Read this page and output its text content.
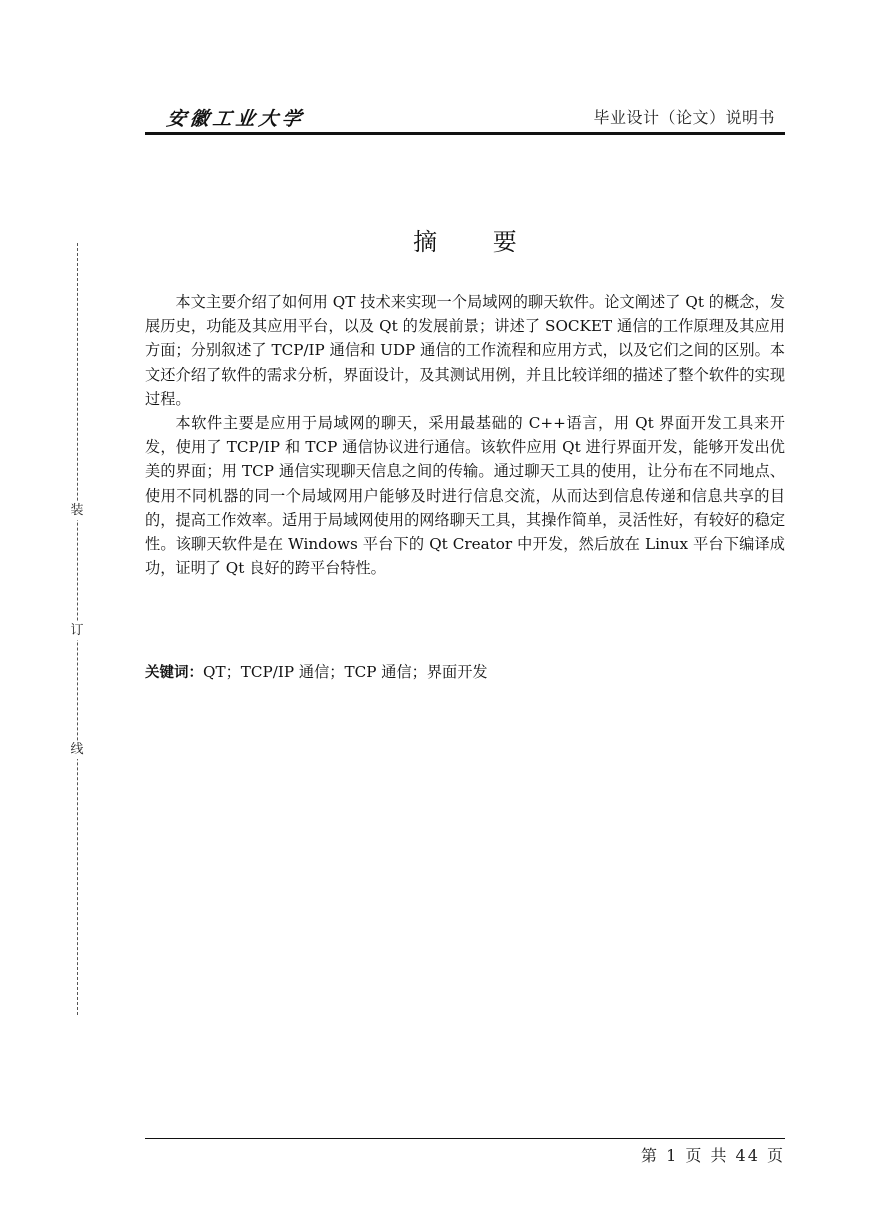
安徽工业大学	毕业设计（论文）说明书
装
订
线
摘 要

本文主要介绍了如何用 QT 技术来实现一个局域网的聊天软件。论文阐述了 Qt 的概念，发展历史，功能及其应用平台，以及 Qt 的发展前景；讲述了 SOCKET 通信的工作原理及其应用方面；分别叙述了 TCP/IP 通信和 UDP 通信的工作流程和应用方式，以及它们之间的区别。本文还介绍了软件的需求分析，界面设计，及其测试用例，并且比较详细的描述了整个软件的实现过程。

本软件主要是应用于局域网的聊天，采用最基础的 C++语言，用 Qt 界面开发工具来开发，使用了 TCP/IP 和 TCP 通信协议进行通信。该软件应用 Qt 进行界面开发，能够开发出优美的界面；用 TCP 通信实现聊天信息之间的传输。通过聊天工具的使用，让分布在不同地点、使用不同机器的同一个局域网用户能够及时进行信息交流，从而达到信息传递和信息共享的目的，提高工作效率。适用于局域网使用的网络聊天工具，其操作简单，灵活性好，有较好的稳定性。该聊天软件是在 Windows 平台下的 Qt Creator 中开发，然后放在 Linux 平台下编译成功，证明了 Qt 良好的跨平台特性。

关键词：QT；TCP/IP 通信；TCP 通信；界面开发
第 1 页 共 44 页
